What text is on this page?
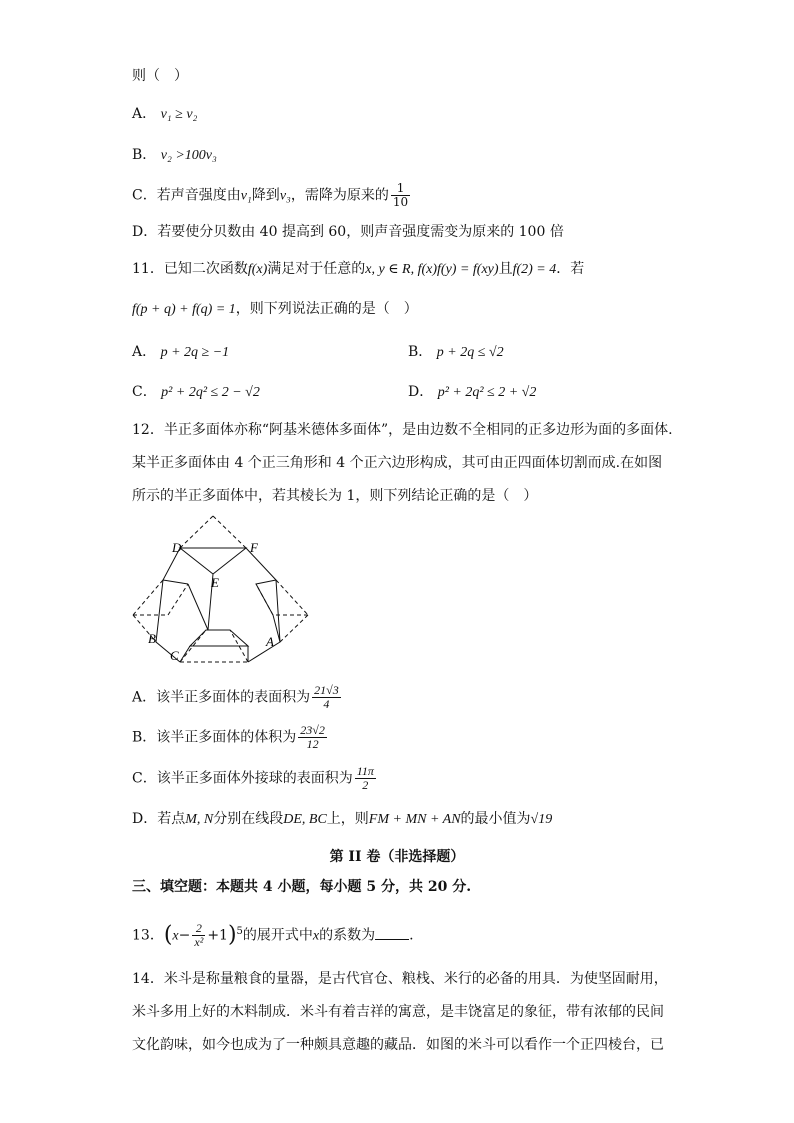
则（　）
A． v₁ ≥ v₂
B． v₂ >100v₃
C．若声音强度由v₁降到v₃，需降为原来的 $\frac{1}{10}$
D．若要使分贝数由 40 提高到 60，则声音强度需变为原来的 100 倍
11．已知二次函数f(x)满足对于任意的x, y ∈ R, f(x)f(y) = f(xy)且f(2) = 4．若
f(p + q) + f(q) = 1，则下列说法正确的是（　）
A． p + 2q ≥ −1	B． p + 2q ≤ √2
C． p² + 2q² ≤ 2 − √2	D． p² + 2q² ≤ 2 + √2
12．半正多面体亦称“阿基米德体多面体”，是由边数不全相同的正多边形为面的多面体.
某半正多面体由 4 个正三角形和 4 个正六边形构成，其可由正四面体切割而成.在如图
所示的半正多面体中，若其棱长为 1，则下列结论正确的是（　）
D	F
E
B
C
A
A．该半正多面体的表面积为 $\frac{21√3}{4}$
B．该半正多面体的体积为 $\frac{23√2}{12}$
C．该半正多面体外接球的表面积为 $\frac{11\pi}{2}$
D．若点M, N分别在线段DE, BC上，则FM + MN + AN的最小值为√19
第 II 卷（非选择题）
三、填空题：本题共 4 小题，每小题 5 分，共 20 分.
13．$(x- \frac{2}{\text{x²}} +1)^5$的展开式中x的系数为 .
14．米斗是称量粮食的量器，是古代官仓、粮栈、米行的必备的用具．为使坚固耐用，
米斗多用上好的木料制成．米斗有着吉祥的寓意，是丰饶富足的象征，带有浓郁的民间
文化韵味，如今也成为了一种颇具意趣的藏品．如图的米斗可以看作一个正四棱台，已
